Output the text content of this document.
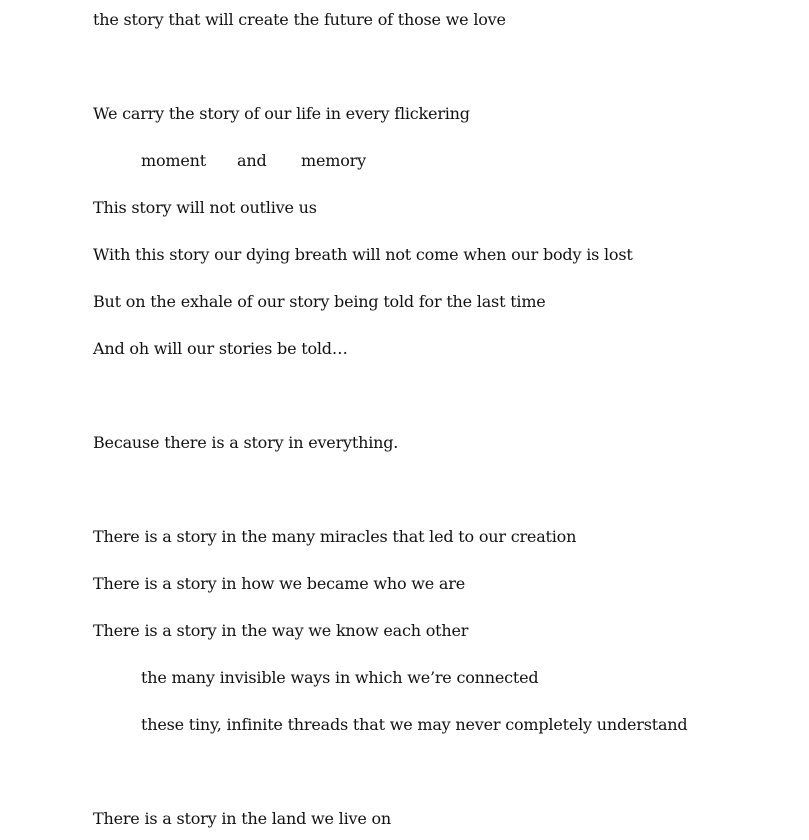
the story that will create the future of those we love
We carry the story of our life in every flickering
moment and memory
This story will not outlive us
With this story our dying breath will not come when our body is lost
But on the exhale of our story being told for the last time
And oh will our stories be told…
Because there is a story in everything.
There is a story in the many miracles that led to our creation
There is a story in how we became who we are
There is a story in the way we know each other
the many invisible ways in which we’re connected
these tiny, infinite threads that we may never completely understand
There is a story in the land we live on
